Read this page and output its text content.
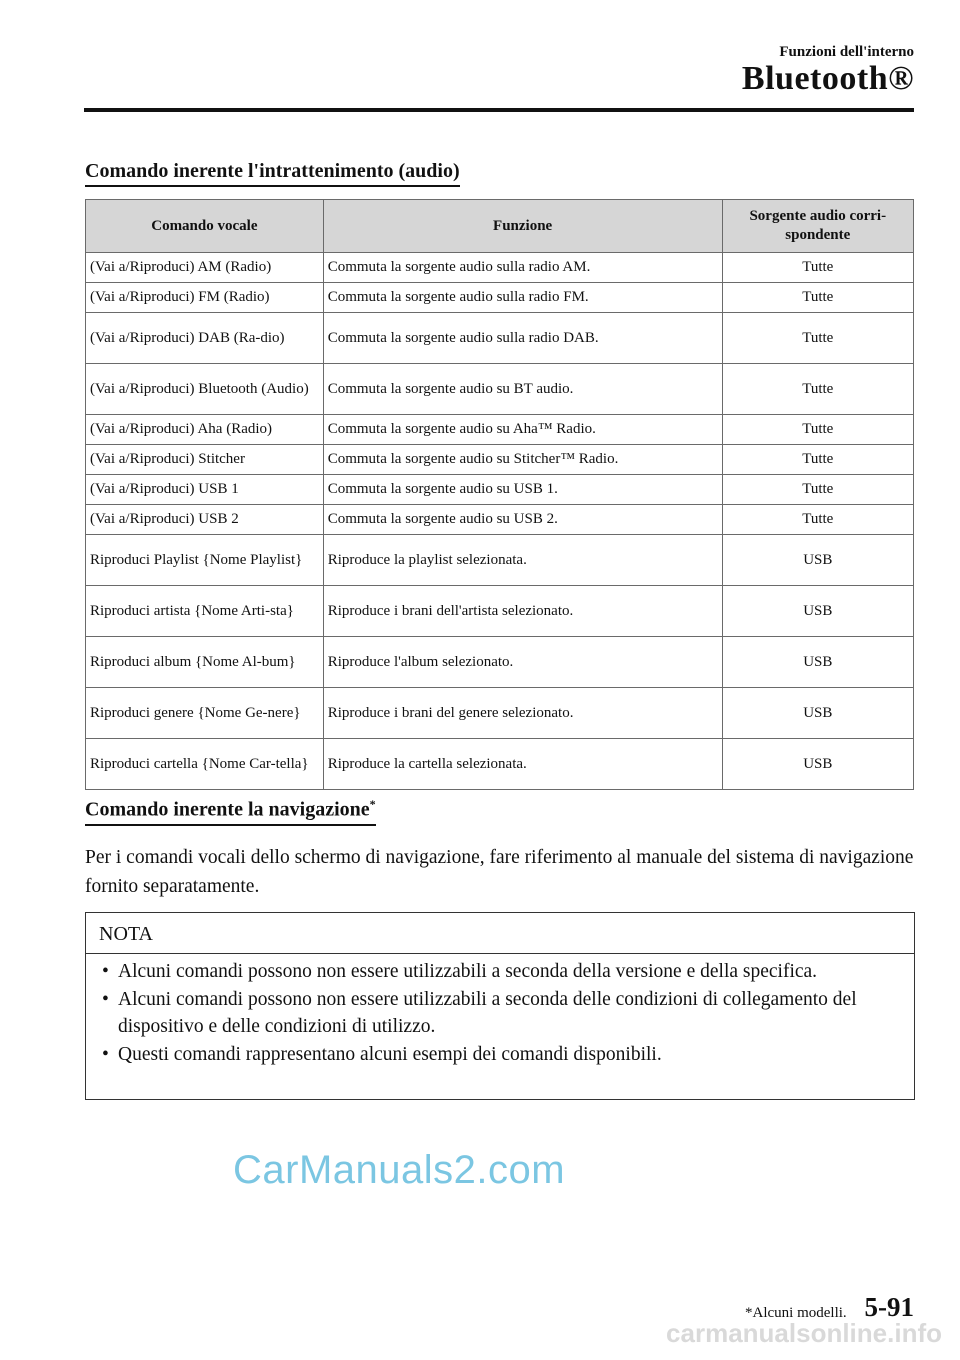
Funzioni dell'interno
Bluetooth®
Comando inerente l'intrattenimento (audio)
Comando vocale	Funzione	Sorgente audio corri-spondente
(Vai a/Riproduci) AM (Radio)	Commuta la sorgente audio sulla radio AM.	Tutte
(Vai a/Riproduci) FM (Radio)	Commuta la sorgente audio sulla radio FM.	Tutte
(Vai a/Riproduci) DAB (Ra-dio)	Commuta la sorgente audio sulla radio DAB.	Tutte
(Vai a/Riproduci) Bluetooth (Audio)	Commuta la sorgente audio su BT audio.	Tutte
(Vai a/Riproduci) Aha (Radio)	Commuta la sorgente audio su Aha™ Radio.	Tutte
(Vai a/Riproduci) Stitcher	Commuta la sorgente audio su Stitcher™ Radio.	Tutte
(Vai a/Riproduci) USB 1	Commuta la sorgente audio su USB 1.	Tutte
(Vai a/Riproduci) USB 2	Commuta la sorgente audio su USB 2.	Tutte
Riproduci Playlist {Nome Playlist}	Riproduce la playlist selezionata.	USB
Riproduci artista {Nome Arti-sta}	Riproduce i brani dell'artista selezionato.	USB
Riproduci album {Nome Al-bum}	Riproduce l'album selezionato.	USB
Riproduci genere {Nome Ge-nere}	Riproduce i brani del genere selezionato.	USB
Riproduci cartella {Nome Car-tella}	Riproduce la cartella selezionata.	USB
Comando inerente la navigazione*
Per i comandi vocali dello schermo di navigazione, fare riferimento al manuale del sistema di navigazione fornito separatamente.
NOTA
• Alcuni comandi possono non essere utilizzabili a seconda della versione e della specifica.
• Alcuni comandi possono non essere utilizzabili a seconda delle condizioni di collegamento del dispositivo e delle condizioni di utilizzo.
• Questi comandi rappresentano alcuni esempi dei comandi disponibili.
CarManuals2.com
*Alcuni modelli. 5-91
carmanualsonline.info
